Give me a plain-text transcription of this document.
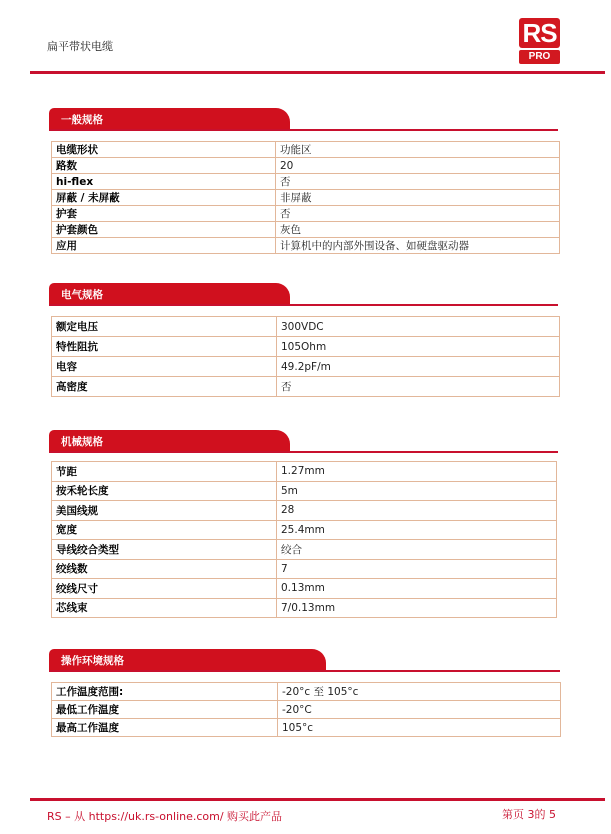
扁平带状电缆	RS
PRO
一般规格
电缆形状	功能区
路数	20
hi-flex	否
屏蔽 / 未屏蔽	非屏蔽
护套	否
护套颜色	灰色
应用	计算机中的内部外围设备、如硬盘驱动器
电气规格
额定电压	300VDC
特性阻抗	105Ohm
电容	49.2pF/m
高密度	否
机械规格
节距	1.27mm
按禾轮长度	5m
美国线规	28
宽度	25.4mm
导线绞合类型	绞合
绞线数	7
绞线尺寸	0.13mm
芯线束	7/0.13mm
操作环境规格
工作温度范围:	-20°c 至 105°c
最低工作温度	-20°C
最高工作温度	105°c
RS – 从 https://uk.rs-online.com/ 购买此产品	第页 3的 5
